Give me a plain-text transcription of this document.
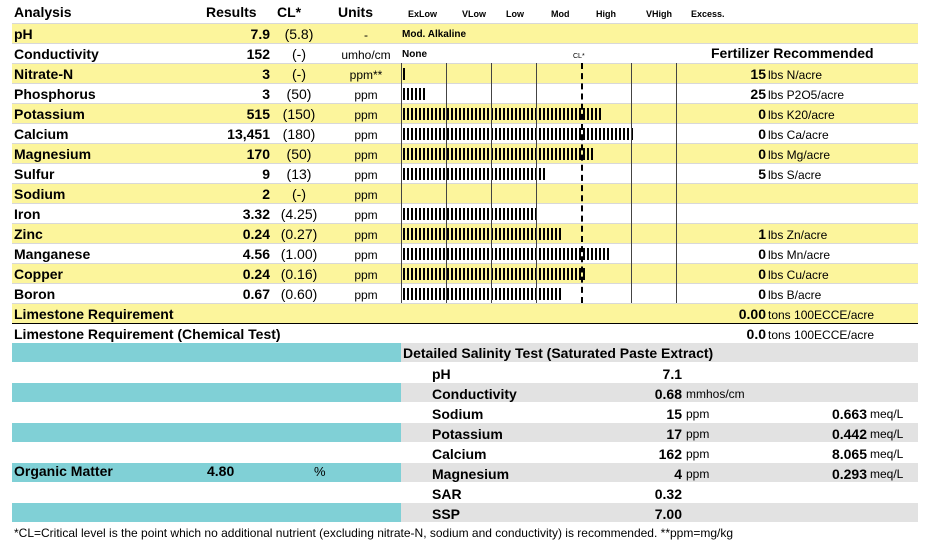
Analysis	Results CL*	Units	ExLow	VLow Low	Mod	High	VHigh Excess.
pH	7.9	(5.8)	-	Mod. Alkaline
Conductivity	152	(-)	umho/cm	None
Nitrate-N	3	(-)	ppm**	15 lbs N/acre
Phosphorus	3	(50)	ppm	25 lbs P2O5/acre
Potassium	515 (150)	ppm	0 lbs K20/acre
Calcium	13,451 (180)	ppm	0 lbs Ca/acre
Magnesium	170	(50)	ppm	0 lbs Mg/acre
Sulfur	9	(13)	ppm	5 lbs S/acre
Sodium	2	(-)	ppm
Iron	3.32 (4.25)	ppm
Zinc	0.24 (0.27)	ppm	1 lbs Zn/acre
Manganese	4.56 (1.00)	ppm	0 lbs Mn/acre
Copper	0.24 (0.16)	ppm	0 lbs Cu/acre
Boron	0.67 (0.60)	ppm	0 lbs B/acre
Limestone Requirement	0.00 tons 100ECCE/acre
Limestone Requirement (Chemical Test)	0.0 tons 100ECCE/acre
CL*	Fertilizer Recommended
Detailed Salinity Test (Saturated Paste Extract)
pH	7.1
Conductivity	0.68 mmhos/cm
Sodium	15 ppm	0.663 meq/L
Potassium	17 ppm	0.442 meq/L
Calcium	162 ppm	8.065 meq/L
Magnesium	4 ppm	0.293 meq/L
SAR	0.32
SSP	7.00
Organic Matter	4.80	%
*CL=Critical level is the point which no additional nutrient (excluding nitrate-N, sodium and conductivity) is recommended. **ppm=mg/kg
